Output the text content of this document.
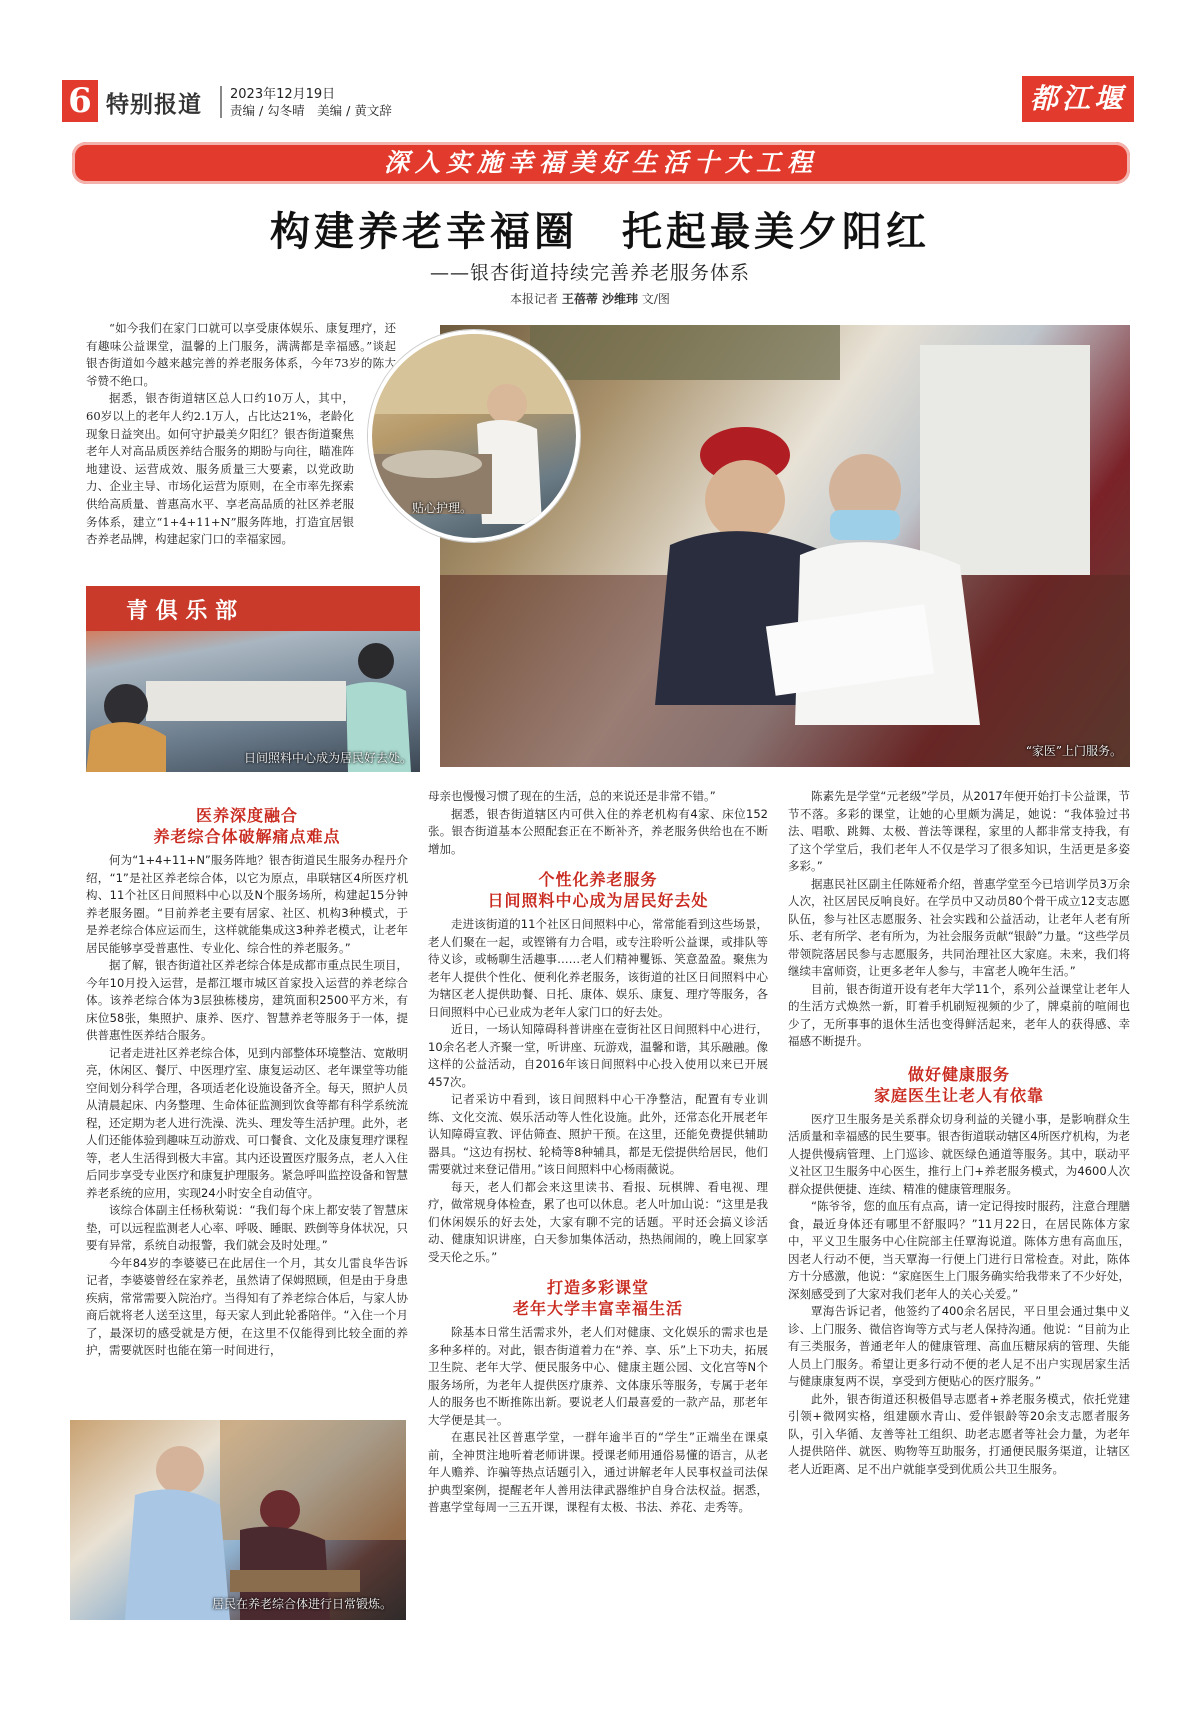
6 特别报道 2023年12月19日
责编 / 勾冬晴　美编 / 黄文辞	都江堰
深入实施幸福美好生活十大工程
构建养老幸福圈　托起最美夕阳红
——银杏街道持续完善养老服务体系
本报记者 王蓓蒂 沙维玮 文/图

“如今我们在家门口就可以享受康体娱乐、康复理疗，还有趣味公益课堂，温馨的上门服务，满满都是幸福感。”谈起银杏街道如今越来越完善的养老服务体系，今年73岁的陈大爷赞不绝口。

据悉，银杏街道辖区总人口约10万人，其中，60岁以上的老年人约2.1万人，占比达21%，老龄化现象日益突出。如何守护最美夕阳红？银杏街道聚焦老年人对高品质医养结合服务的期盼与向往，瞄准阵地建设、运营成效、服务质量三大要素，以党政助力、企业主导、市场化运营为原则，在全市率先探索供给高质量、普惠高水平、享老高品质的社区养老服务体系，建立“1+4+11+N”服务阵地，打造宜居银杏养老品牌，构建起家门口的幸福家园。

“家医”上门服务。
贴心护理。
青 俱 乐 部
日间照料中心成为居民好去处。
居民在养老综合体进行日常锻炼。
医养深度融合
养老综合体破解痛点难点

何为“1+4+11+N”服务阵地？银杏街道民生服务办程丹介绍，“1”是社区养老综合体，以它为原点，串联辖区4所医疗机构、11个社区日间照料中心以及N个服务场所，构建起15分钟养老服务圈。“目前养老主要有居家、社区、机构3种模式，于是养老综合体应运而生，这样就能集成这3种养老模式，让老年居民能够享受普惠性、专业化、综合性的养老服务。”

据了解，银杏街道社区养老综合体是成都市重点民生项目，今年10月投入运营，是都江堰市城区首家投入运营的养老综合体。该养老综合体为3层独栋楼房，建筑面积2500平方米，有床位58张，集照护、康养、医疗、智慧养老等服务于一体，提供普惠性医养结合服务。

记者走进社区养老综合体，见到内部整体环境整洁、宽敞明亮，休闲区、餐厅、中医理疗室、康复运动区、老年课堂等功能空间划分科学合理，各项适老化设施设备齐全。每天，照护人员从清晨起床、内务整理、生命体征监测到饮食等都有科学系统流程，还定期为老人进行洗澡、洗头、理发等生活护理。此外，老人们还能体验到趣味互动游戏、可口餐食、文化及康复理疗课程等，老人生活得到极大丰富。其内还设置医疗服务点，老人入住后同步享受专业医疗和康复护理服务。紧急呼叫监控设备和智慧养老系统的应用，实现24小时安全自动值守。

该综合体副主任杨秋菊说：“我们每个床上都安装了智慧床垫，可以远程监测老人心率、呼吸、睡眠、跌倒等身体状况，只要有异常，系统自动报警，我们就会及时处理。”

今年84岁的李婆婆已在此居住一个月，其女儿雷良华告诉记者，李婆婆曾经在家养老，虽然请了保姆照顾，但是由于身患疾病，常常需要入院治疗。当得知有了养老综合体后，与家人协商后就将老人送至这里，每天家人到此轮番陪伴。“入住一个月了，最深切的感受就是方便，在这里不仅能得到比较全面的养护，需要就医时也能在第一时间进行，

母亲也慢慢习惯了现在的生活，总的来说还是非常不错。”

据悉，银杏街道辖区内可供入住的养老机构有4家、床位152张。银杏街道基本公照配套正在不断补齐，养老服务供给也在不断增加。

个性化养老服务
日间照料中心成为居民好去处

走进该街道的11个社区日间照料中心，常常能看到这些场景，老人们聚在一起，或铿锵有力合唱，或专注聆听公益课，或排队等待义诊，或畅聊生活趣事……老人们精神矍铄、笑意盈盈。聚焦为老年人提供个性化、便利化养老服务，该街道的社区日间照料中心为辖区老人提供助餐、日托、康体、娱乐、康复、理疗等服务，各日间照料中心已业成为老年人家门口的好去处。

近日，一场认知障碍科普讲座在壹街社区日间照料中心进行，10余名老人齐聚一堂，听讲座、玩游戏，温馨和谐，其乐融融。像这样的公益活动，自2016年该日间照料中心投入使用以来已开展457次。

记者采访中看到，该日间照料中心干净整洁，配置有专业训练、文化交流、娱乐活动等人性化设施。此外，还常态化开展老年认知障碍宣教、评估筛查、照护干预。在这里，还能免费提供辅助器具。“这边有拐杖、轮椅等8种辅具，都是无偿提供给居民，他们需要就过来登记借用。”该日间照料中心杨雨薇说。

每天，老人们都会来这里读书、看报、玩棋牌、看电视、理疗，做常规身体检查，累了也可以休息。老人叶加山说：“这里是我们休闲娱乐的好去处，大家有聊不完的话题。平时还会搞义诊活动、健康知识讲座，白天参加集体活动，热热闹闹的，晚上回家享受天伦之乐。”

打造多彩课堂
老年大学丰富幸福生活

除基本日常生活需求外，老人们对健康、文化娱乐的需求也是多种多样的。对此，银杏街道着力在“养、享、乐”上下功夫，拓展卫生院、老年大学、便民服务中心、健康主题公园、文化宫等N个服务场所，为老年人提供医疗康养、文体康乐等服务，专属于老年人的服务也不断推陈出新。要说老人们最喜爱的一款产品，那老年大学便是其一。

在惠民社区普惠学堂，一群年逾半百的“学生”正端坐在课桌前，全神贯注地听着老师讲课。授课老师用通俗易懂的语言，从老年人赡养、诈骗等热点话题引入，通过讲解老年人民事权益司法保护典型案例，提醒老年人善用法律武器维护自身合法权益。据悉，普惠学堂每周一三五开课，课程有太极、书法、养花、走秀等。

陈素先是学堂“元老级”学员，从2017年便开始打卡公益课，节节不落。多彩的课堂，让她的心里颇为满足，她说：“我体验过书法、唱歌、跳舞、太极、普法等课程，家里的人都非常支持我，有了这个学堂后，我们老年人不仅是学习了很多知识，生活更是多姿多彩。”

据惠民社区副主任陈娅希介绍，普惠学堂至今已培训学员3万余人次，社区居民反响良好。在学员中又动员80个骨干成立12支志愿队伍，参与社区志愿服务、社会实践和公益活动，让老年人老有所乐、老有所学、老有所为，为社会服务贡献“银龄”力量。“这些学员带领院落居民参与志愿服务，共同治理社区大家庭。未来，我们将继续丰富师资，让更多老年人参与，丰富老人晚年生活。”

目前，银杏街道开设有老年大学11个，系列公益课堂让老年人的生活方式焕然一新，盯着手机刷短视频的少了，牌桌前的喧闹也少了，无所事事的退休生活也变得鲜活起来，老年人的获得感、幸福感不断提升。

做好健康服务
家庭医生让老人有依靠

医疗卫生服务是关系群众切身利益的关键小事，是影响群众生活质量和幸福感的民生要事。银杏街道联动辖区4所医疗机构，为老人提供慢病管理、上门巡诊、就医绿色通道等服务。其中，联动平义社区卫生服务中心医生，推行上门+养老服务模式，为4600人次群众提供便捷、连续、精准的健康管理服务。

“陈爷爷，您的血压有点高，请一定记得按时服药，注意合理膳食，最近身体还有哪里不舒服吗？”11月22日，在居民陈体方家中，平义卫生服务中心住院部主任覃海说道。陈体方患有高血压，因老人行动不便，当天覃海一行便上门进行日常检查。对此，陈体方十分感激，他说：“家庭医生上门服务确实给我带来了不少好处，深刻感受到了大家对我们老年人的关心关爱。”

覃海告诉记者，他签约了400余名居民，平日里会通过集中义诊、上门服务、微信咨询等方式与老人保持沟通。他说：“目前为止有三类服务，普通老年人的健康管理、高血压糖尿病的管理、失能人员上门服务。希望让更多行动不便的老人足不出户实现居家生活与健康康复两不误，享受到方便贴心的医疗服务。”

此外，银杏街道还积极倡导志愿者+养老服务模式，依托党建引领+微网实格，组建颐水青山、爱伴银龄等20余支志愿者服务队，引入华循、友善等社工组织、助老志愿者等社会力量，为老年人提供陪伴、就医、购物等互助服务，打通便民服务渠道，让辖区老人近距离、足不出户就能享受到优质公共卫生服务。
